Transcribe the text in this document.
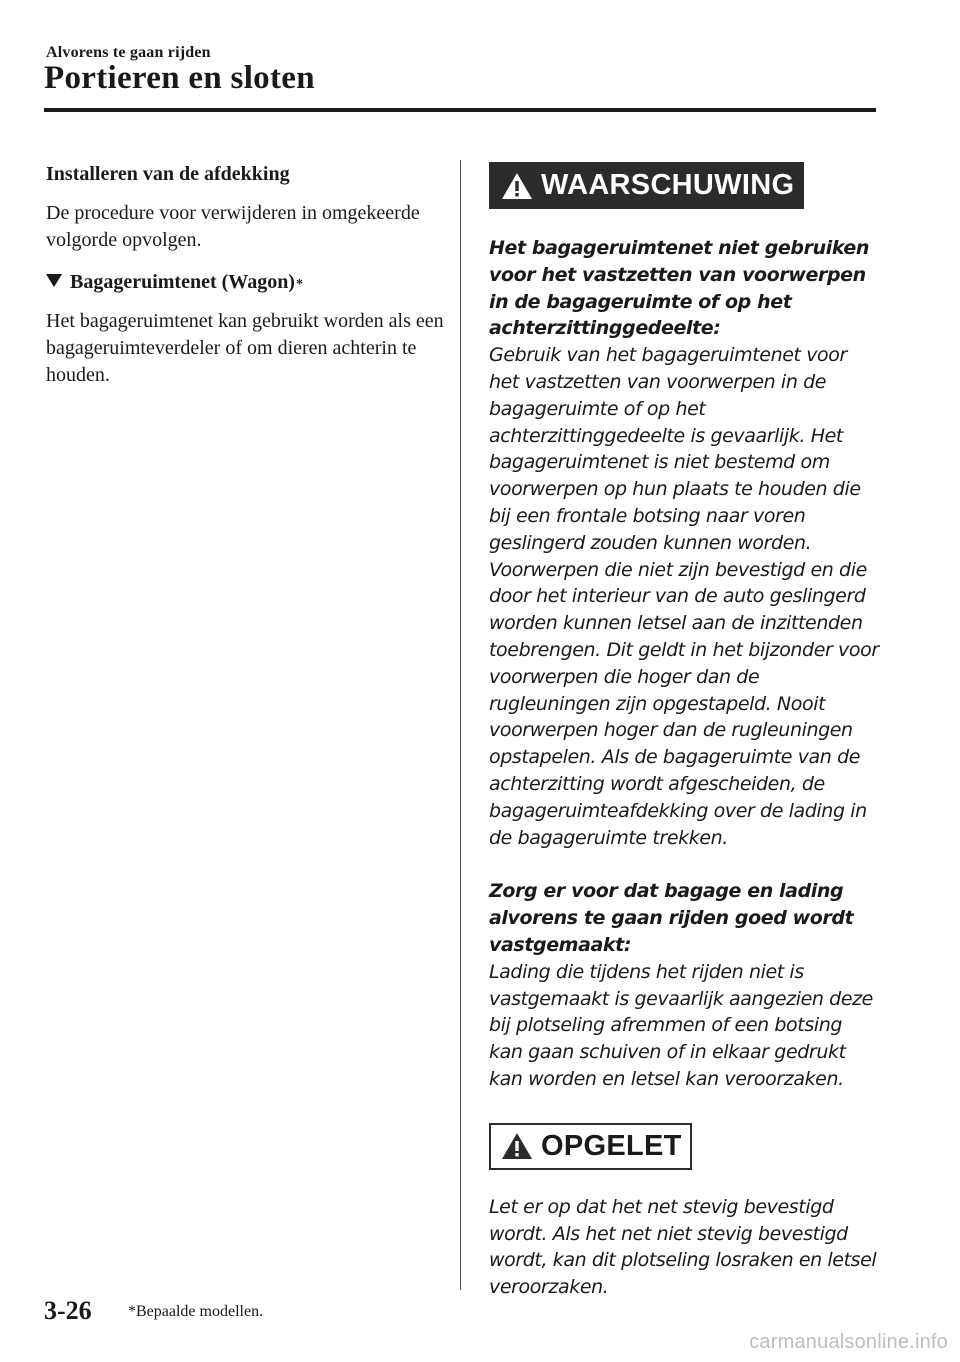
Alvorens te gaan rijden
Portieren en sloten
Installeren van de afdekking

De procedure voor verwijderen in omgekeerde volgorde opvolgen.

Bagageruimtenet (Wagon) *

Het bagageruimtenet kan gebruikt worden als een bagageruimteverdeler of om dieren achterin te houden.

WAARSCHUWING

Het bagageruimtenet niet gebruiken voor het vastzetten van voorwerpen in de bagageruimte of op het achterzittinggedeelte:

Gebruik van het bagageruimtenet voor het vastzetten van voorwerpen in de bagageruimte of op het achterzittinggedeelte is gevaarlijk. Het bagageruimtenet is niet bestemd om voorwerpen op hun plaats te houden die bij een frontale botsing naar voren geslingerd zouden kunnen worden. Voorwerpen die niet zijn bevestigd en die door het interieur van de auto geslingerd worden kunnen letsel aan de inzittenden toebrengen. Dit geldt in het bijzonder voor voorwerpen die hoger dan de rugleuningen zijn opgestapeld. Nooit voorwerpen hoger dan de rugleuningen opstapelen. Als de bagageruimte van de achterzitting wordt afgescheiden, de bagageruimteafdekking over de lading in de bagageruimte trekken.

Zorg er voor dat bagage en lading alvorens te gaan rijden goed wordt vastgemaakt:

Lading die tijdens het rijden niet is vastgemaakt is gevaarlijk aangezien deze bij plotseling afremmen of een botsing kan gaan schuiven of in elkaar gedrukt kan worden en letsel kan veroorzaken.

OPGELET

Let er op dat het net stevig bevestigd wordt. Als het net niet stevig bevestigd wordt, kan dit plotseling losraken en letsel veroorzaken.

3-26 *Bepaalde modellen.
carmanualsonline.info
